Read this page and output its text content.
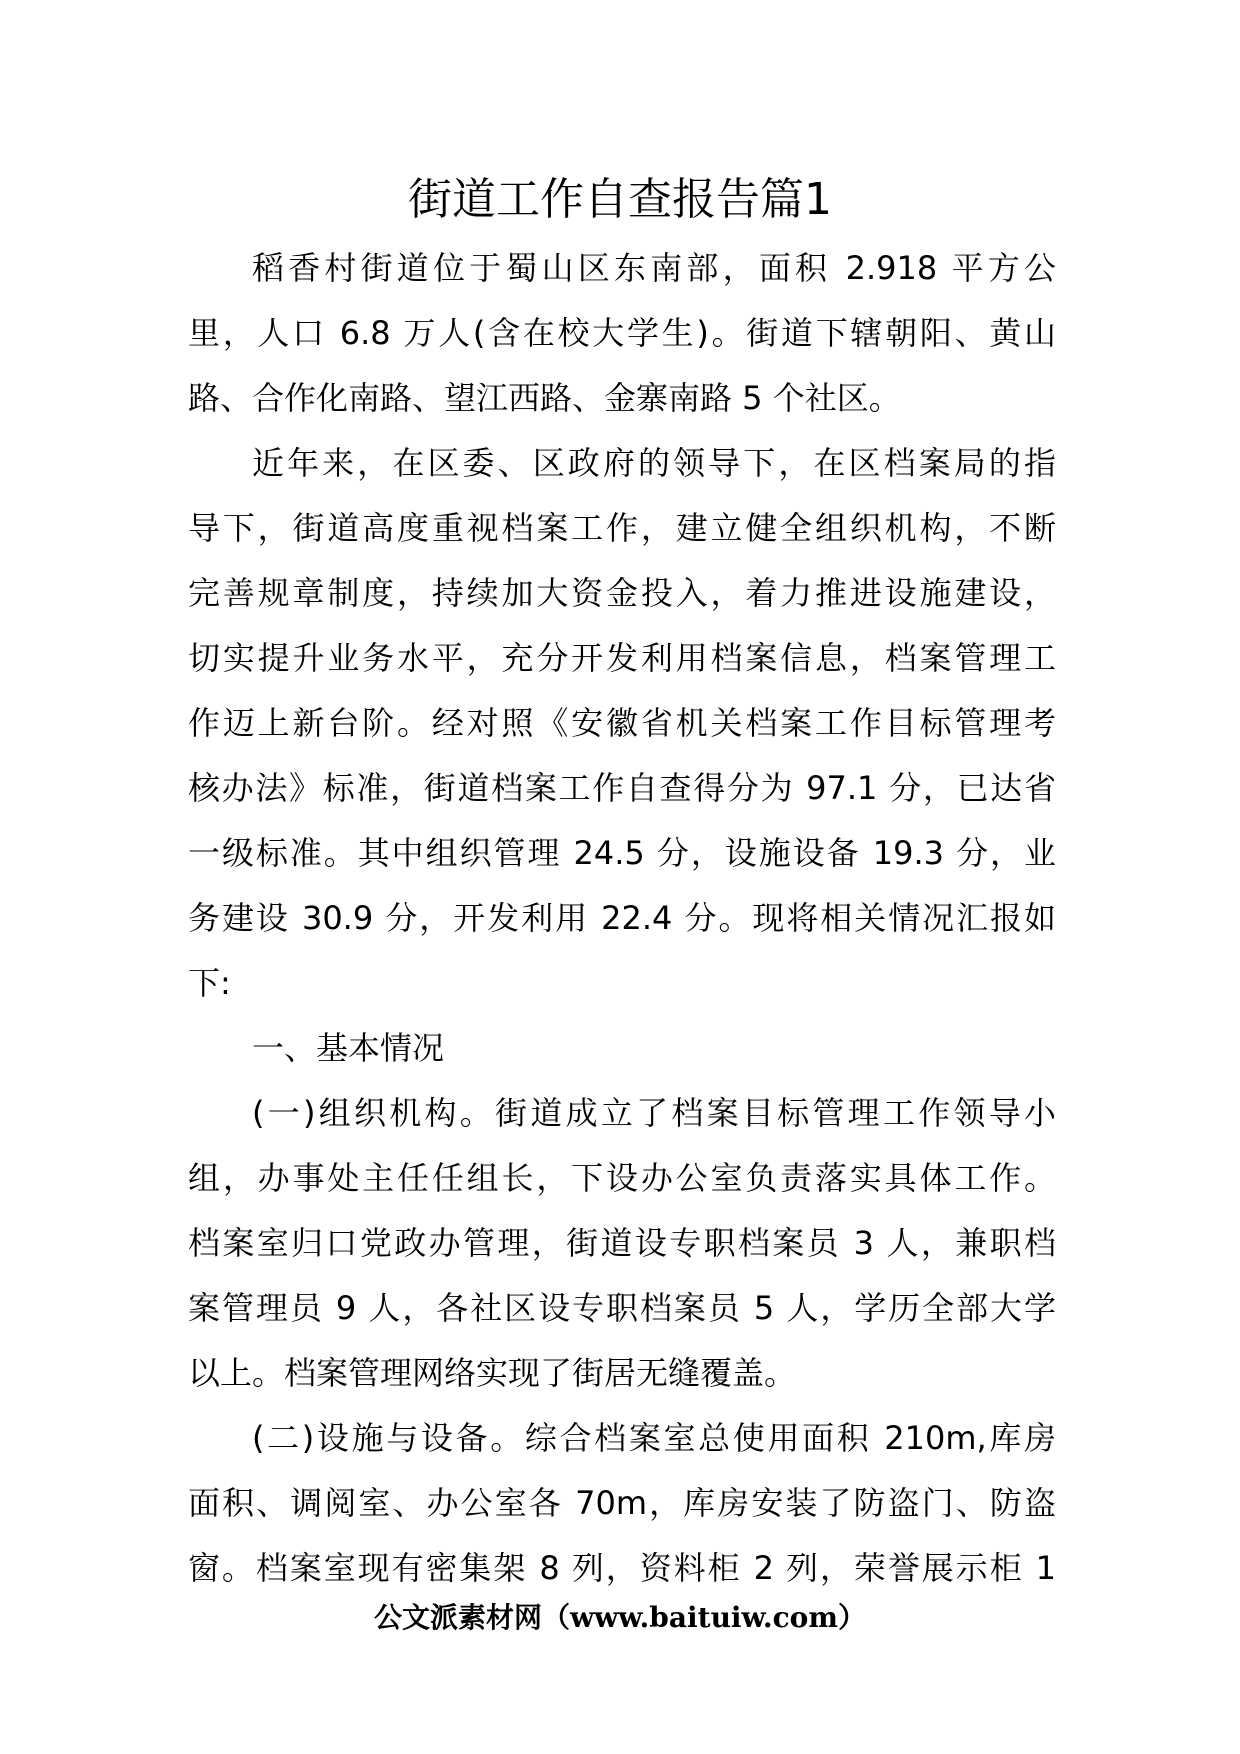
街道工作自查报告篇1
稻香村街道位于蜀山区东南部，面积 2.918 平方公
里，人口 6.8 万人(含在校大学生)。街道下辖朝阳、黄山
路、合作化南路、望江西路、金寨南路 5 个社区。
近年来，在区委、区政府的领导下，在区档案局的指
导下，街道高度重视档案工作，建立健全组织机构，不断
完善规章制度，持续加大资金投入，着力推进设施建设，
切实提升业务水平，充分开发利用档案信息，档案管理工
作迈上新台阶。经对照《安徽省机关档案工作目标管理考
核办法》标准，街道档案工作自查得分为 97.1 分，已达省
一级标准。其中组织管理 24.5 分，设施设备 19.3 分，业
务建设 30.9 分，开发利用 22.4 分。现将相关情况汇报如
下:
一、基本情况
(一)组织机构。街道成立了档案目标管理工作领导小
组，办事处主任任组长，下设办公室负责落实具体工作。
档案室归口党政办管理，街道设专职档案员 3 人，兼职档
案管理员 9 人，各社区设专职档案员 5 人，学历全部大学
以上。档案管理网络实现了街居无缝覆盖。
(二)设施与设备。综合档案室总使用面积 210m,库房
面积、调阅室、办公室各 70m，库房安装了防盗门、防盗
窗。档案室现有密集架 8 列，资料柜 2 列，荣誉展示柜 1
公文派素材网（www.baituiw.com）
